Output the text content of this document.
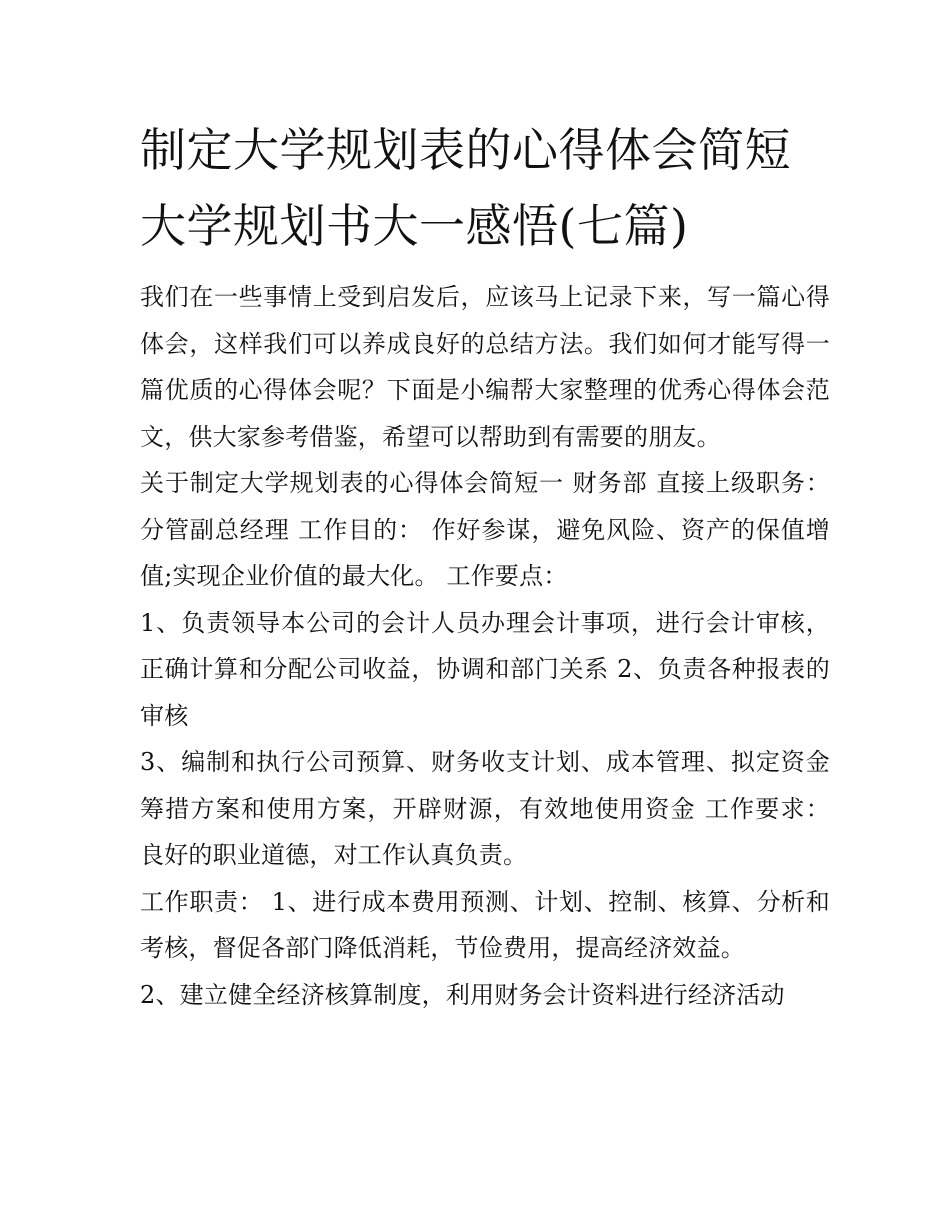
制定大学规划表的心得体会简短 大学规划书大一感悟(七篇)

我们在一些事情上受到启发后，应该马上记录下来，写一篇心得体会，这样我们可以养成良好的总结方法。我们如何才能写得一篇优质的心得体会呢？下面是小编帮大家整理的优秀心得体会范文，供大家参考借鉴，希望可以帮助到有需要的朋友。

关于制定大学规划表的心得体会简短一 财务部 直接上级职务： 分管副总经理 工作目的： 作好参谋，避免风险、资产的保值增值;实现企业价值的最大化。 工作要点：

1、负责领导本公司的会计人员办理会计事项，进行会计审核，正确计算和分配公司收益，协调和部门关系 2、负责各种报表的审核

3、编制和执行公司预算、财务收支计划、成本管理、拟定资金筹措方案和使用方案，开辟财源，有效地使用资金 工作要求： 良好的职业道德，对工作认真负责。

工作职责： 1、进行成本费用预测、计划、控制、核算、分析和考核，督促各部门降低消耗，节俭费用，提高经济效益。

2、建立健全经济核算制度，利用财务会计资料进行经济活动
